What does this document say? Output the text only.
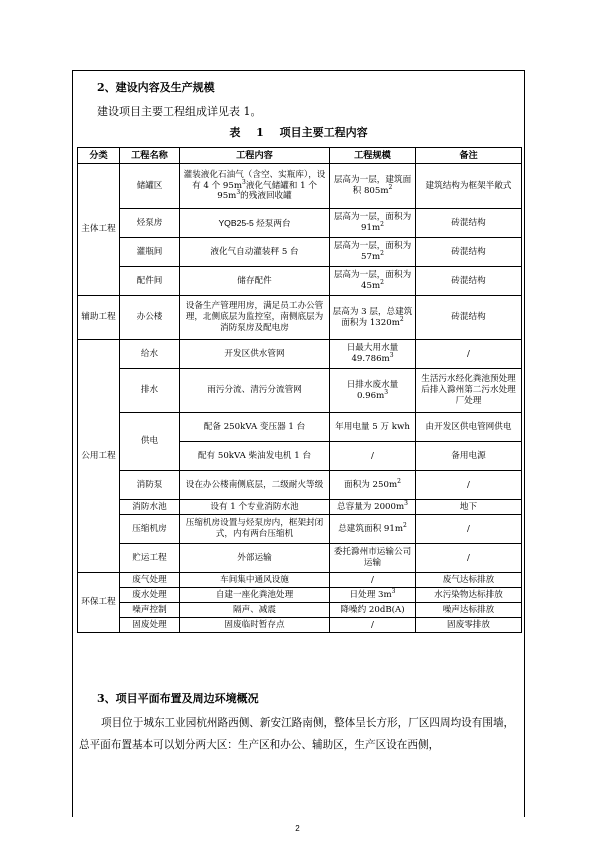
2、建设内容及生产规模
建设项目主要工程组成详见表 1。
表 1 项目主要工程内容
分类	工程名称	工程内容	工程规模	备注	
主体工程	储罐区	灌装液化石油气（含空、实瓶库），设有 4 个 $95m^3$液化气储罐和 1 个 $95m^3$的残液回收罐	层高为一层，建筑面积 $805m^2$	建筑结构为框架半敞式	
	烃泵房	YQB25-5 烃泵两台	层高为一层，面积为 $91m^2$	砖混结构	
	灌瓶间	液化气自动灌装秤 5 台	层高为一层，面积为 $57m^2$	砖混结构	
	配件间	储存配件	层高为一层，面积为 $45m^2$	砖混结构	
辅助工程	办公楼	设备生产管理用房，满足员工办公管理，北侧底层为监控室，南侧底层为消防泵房及配电房	层高为 3 层，总建筑面积为 $1320m^2$	砖混结构	
公用工程	给水	开发区供水管网	日最大用水量 $49.786m^3$	/	
	排水	雨污分流、清污分流管网	日排水废水量 $0.96m^3$	生活污水经化粪池预处理后排入滁州第二污水处理厂处理	
	供电	配备 250kVA 变压器 1 台	年用电量 5 万 kwh	由开发区供电管网供电	
		配有 50kVA 柴油发电机 1 台	/	备用电源	
	消防泵	设在办公楼南侧底层，二级耐火等级	面积为 $250m^2$	/	
	消防水池	设有 1 个专业消防水池	总容量为 $2000m^3$	地下	
	压缩机房	压缩机房设置与烃泵房内，框架封闭式，内有两台压缩机	总建筑面积 $91m^2$	/	
	贮运工程	外部运输	委托滁州市运输公司运输	/	
环保工程	废气处理	车间集中通风设施	/	废气达标排放	
	废水处理	自建一座化粪池处理	日处理 $3m^3$	水污染物达标排放	
	噪声控制	隔声、减震	降噪约 20dB(A)	噪声达标排放	
	固废处理	固废临时暂存点	/	固废零排放	
3、项目平面布置及周边环境概况
项目位于城东工业园杭州路西侧、新安江路南侧，整体呈长方形，厂区四周均设有围墙，总平面布置基本可以划分两大区：生产区和办公、辅助区，生产区设在西侧，
2
